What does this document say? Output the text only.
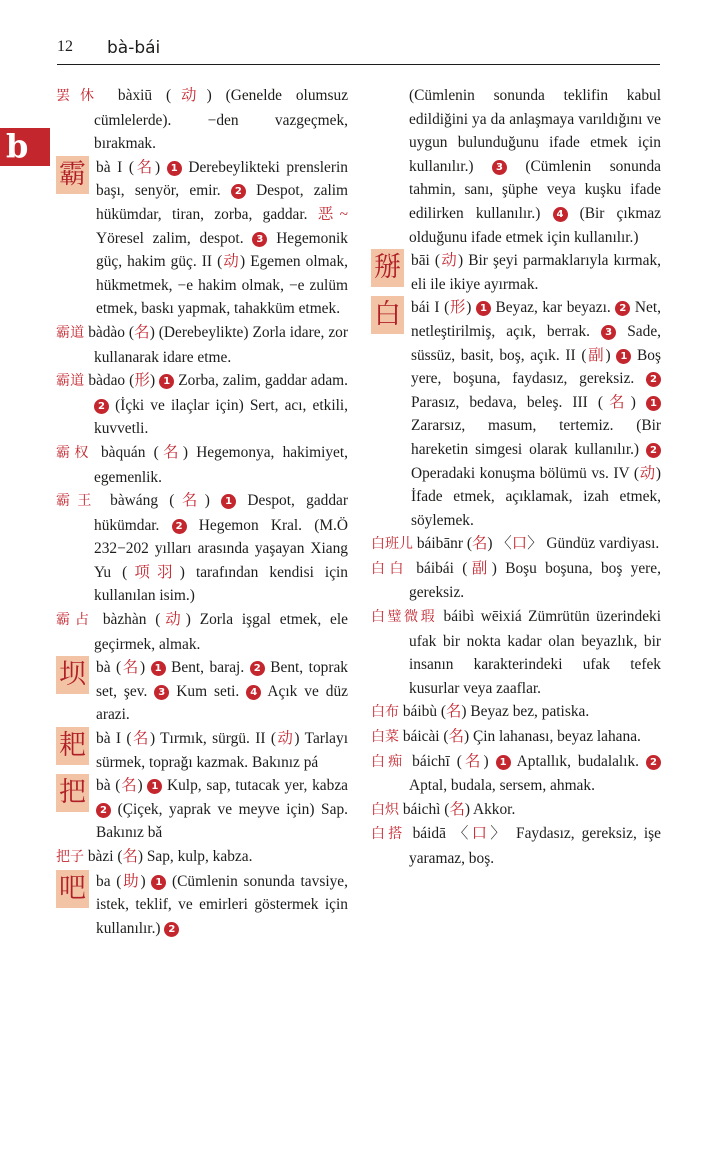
12 bà-bái
b

罢休 bàxiū (动) (Genelde olumsuz cümlelerde). −den vazgeçmek, bırakmak.

霸 bà I (名) 1 Derebeylikteki prenslerin başı, senyör, emir. 2 Despot, zalim hükümdar, tiran, zorba, gaddar. 恶~ Yöresel zalim, despot. 3 Hegemonik güç, hakim güç. II (动) Egemen olmak, hükmetmek, −e hakim olmak, −e zulüm etmek, baskı yapmak, tahakküm etmek.

霸道 bàdào (名) (Derebeylikte) Zorla idare, zor kullanarak idare etme.

霸道 bàdao (形) 1 Zorba, zalim, gaddar adam. 2 (İçki ve ilaçlar için) Sert, acı, etkili, kuvvetli.

霸权 bàquán (名) Hegemonya, hakimiyet, egemenlik.

霸王 bàwáng (名) 1 Despot, gaddar hükümdar. 2 Hegemon Kral. (M.Ö 232−202 yılları arasında yaşayan Xiang Yu (项羽) tarafından kendisi için kullanılan isim.)

霸占 bàzhàn (动) Zorla işgal etmek, ele geçirmek, almak.

坝 bà (名) 1 Bent, baraj. 2 Bent, toprak set, şev. 3 Kum seti. 4 Açık ve düz arazi.

耙 bà I (名) Tırmık, sürgü. II (动) Tarlayı sürmek, toprağı kazmak. Bakınız pá

把 bà (名) 1 Kulp, sap, tutacak yer, kabza 2 (Çiçek, yaprak ve meyve için) Sap. Bakınız bǎ

把子 bàzi (名) Sap, kulp, kabza.

吧 ba (助) 1 (Cümlenin sonunda tavsiye, istek, teklif, ve emirleri göstermek için kullanılır.) 2

(Cümlenin sonunda teklifin kabul edildiğini ya da anlaşmaya varıldığını ve uygun bulunduğunu ifade etmek için kullanılır.) 3 (Cümlenin sonunda tahmin, sanı, şüphe veya kuşku ifade edilirken kullanılır.) 4 (Bir çıkmaz olduğunu ifade etmek için kullanılır.)

掰 bāi (动) Bir şeyi parmaklarıyla kırmak, eli ile ikiye ayırmak.

白 bái I (形) 1 Beyaz, kar beyazı. 2 Net, netleştirilmiş, açık, berrak. 3 Sade, süssüz, basit, boş, açık. II (副) 1 Boş yere, boşuna, faydasız, gereksiz. 2 Parasız, bedava, beleş. III (名) 1 Zararsız, masum, tertemiz. (Bir hareketin simgesi olarak kullanılır.) 2 Operadaki konuşma bölümü vs. IV (动) İfade etmek, açıklamak, izah etmek, söylemek.

白班儿 báibānr (名) 〈口〉 Gündüz vardiyası.

白白 báibái (副) Boşu boşuna, boş yere, gereksiz.

白璧微瑕 báibì wēixiá Zümrütün üzerindeki ufak bir nokta kadar olan beyazlık, bir insanın karakterindeki ufak tefek kusurlar veya zaaflar.

白布 báibù (名) Beyaz bez, patiska.

白菜 báicài (名) Çin lahanası, beyaz lahana.

白痴 báichī (名) 1 Aptallık, budalalık. 2 Aptal, budala, sersem, ahmak.

白炽 báichì (名) Akkor.

白搭 báidā 〈口〉 Faydasız, gereksiz, işe yaramaz, boş.
